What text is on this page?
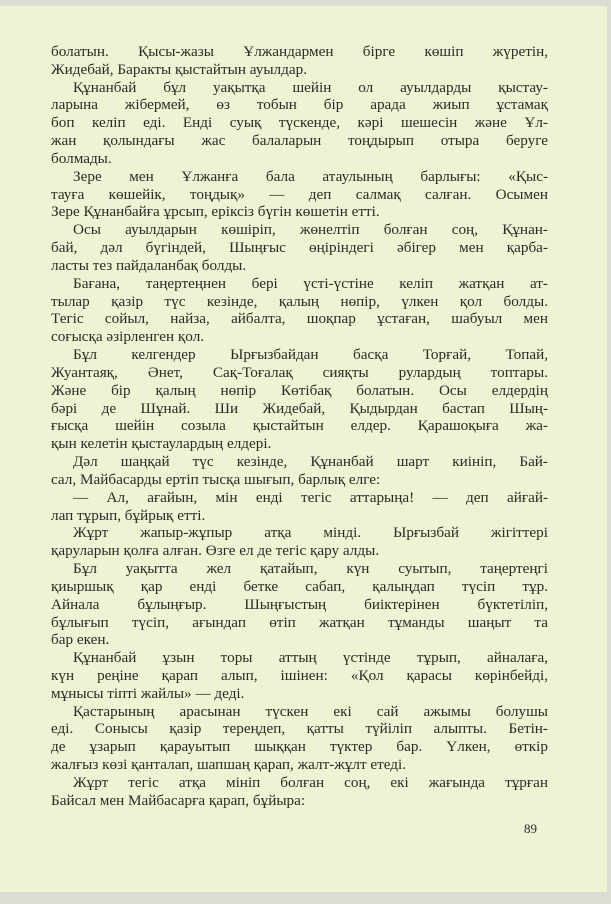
болатын. Қысы-жазы Ұлжандармен бірге көшіп жүретін,
Жидебай, Баракты қыстайтын ауылдар.
Құнанбай бұл уақытқа шейін ол ауылдарды қыстау-
ларына жібермей, өз тобын бір арада жиып ұстамақ
боп келіп еді. Енді суық түскенде, кәрі шешесін және Ұл-
жан қолындағы жас балаларын тоңдырып отыра беруге
болмады.
Зере мен Ұлжанға бала атаулының барлығы: «Қыс-
тауға көшейік, тоңдық» — деп салмақ салған. Осымен
Зере Құнанбайға ұрсып, еріксіз бүгін көшетін етті.
Осы ауылдарын көшіріп, жөнелтіп болған соң, Құнан-
бай, дәл бүгіндей, Шыңғыс өңіріндегі әбігер мен қарба-
ласты тез пайдаланбақ болды.
Бағана, таңертеңнен бері үсті-үстіне келіп жатқан ат-
тылар қазір түс кезінде, қалың нөпір, үлкен қол болды.
Тегіс сойыл, найза, айбалта, шоқпар ұстаған, шабуыл мен
соғысқа әзірленген қол.
Бұл келгендер Ырғызбайдан басқа Торғай, Топай,
Жуантаяқ, Әнет, Сақ-Тоғалақ сияқты рулардың топтары.
Және бір қалың нөпір Көтібақ болатын. Осы елдердің
бәрі де Шұнай. Ши Жидебай, Қыдырдан бастап Шың-
ғысқа шейін созыла қыстайтын елдер. Қарашоқыға жа-
қын келетін қыстаулардың елдері.
Дәл шаңқай түс кезінде, Құнанбай шарт киініп, Бай-
сал, Майбасарды ертіп тысқа шығып, барлық елге:
— Ал, ағайын, мін енді тегіс аттарыңа! — деп айғай-
лап тұрып, бұйрық етті.
Жұрт жапыр-жұпыр атқа мінді. Ырғызбай жігіттері
қаруларын қолға алған. Өзге ел де тегіс қару алды.
Бұл уақытта жел қатайып, күн суытып, таңертеңгі
қиыршық қар енді бетке сабап, қалыңдап түсіп тұр.
Айнала бұлыңғыр. Шыңғыстың биіктерінен бүктетіліп,
бұлығып түсіп, ағындап өтіп жатқан тұманды шаңыт та
бар екен.
Құнанбай ұзын торы аттың үстінде тұрып, айналаға,
күн реңіне қарап алып, ішінен: «Қол қарасы көрінбейді,
мұнысы тіпті жайлы» — деді.
Қастарының арасынан түскен екі сай ажымы болушы
еді. Сонысы қазір тереңдеп, қатты түйіліп алыпты. Бетін-
де ұзарып қарауытып шыққан түктер бар. Үлкен, өткір
жалғыз көзі қанталап, шапшаң қарап, жалт-жұлт етеді.
Жұрт тегіс атқа мініп болған соң, екі жағында тұрған
Байсал мен Майбасарға қарап, бұйыра:
89
